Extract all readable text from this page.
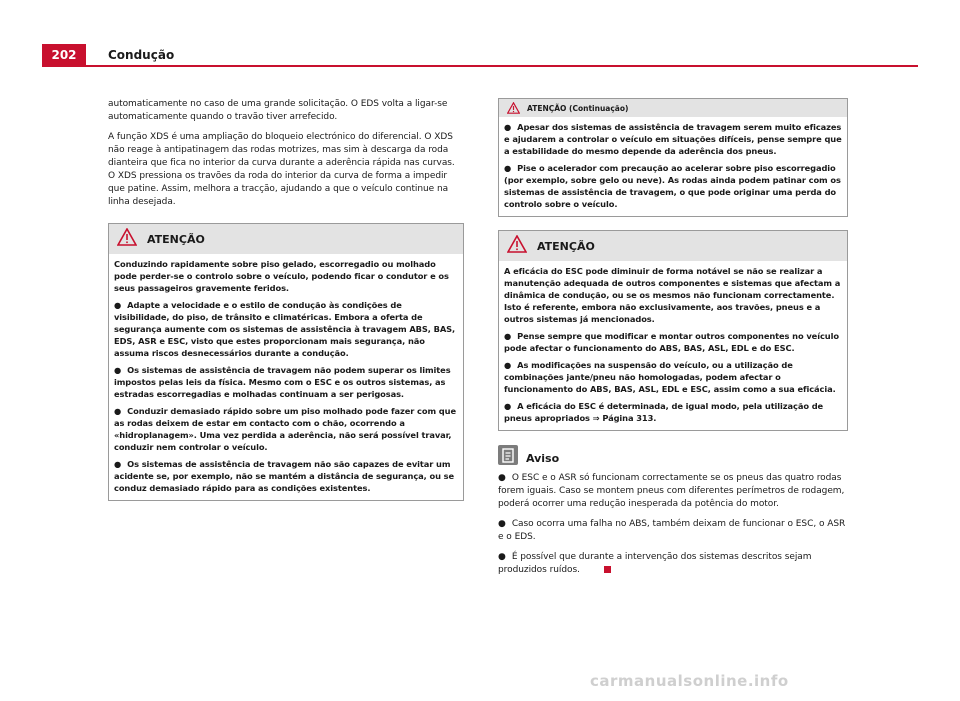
202	Condução

automaticamente no caso de uma grande solicitação. O EDS volta a ligar-se automaticamente quando o travão tiver arrefecido.

A função XDS é uma ampliação do bloqueio electrónico do diferencial. O XDS não reage à antipatinagem das rodas motrizes, mas sim à descarga da roda dianteira que fica no interior da curva durante a aderência rápida nas curvas. O XDS pressiona os travões da roda do interior da curva de forma a impedir que patine. Assim, melhora a tracção, ajudando a que o veículo continue na linha desejada.

ATENÇÃO

Conduzindo rapidamente sobre piso gelado, escorregadio ou molhado pode perder-se o controlo sobre o veículo, podendo ficar o condutor e os seus passageiros gravemente feridos.

● Adapte a velocidade e o estilo de condução às condições de visibilidade, do piso, de trânsito e climatéricas. Embora a oferta de segurança aumente com os sistemas de assistência à travagem ABS, BAS, EDS, ASR e ESC, visto que estes proporcionam mais segurança, não assuma riscos desnecessários durante a condução.

● Os sistemas de assistência de travagem não podem superar os limites impostos pelas leis da física. Mesmo com o ESC e os outros sistemas, as estradas escorregadias e molhadas continuam a ser perigosas.

● Conduzir demasiado rápido sobre um piso molhado pode fazer com que as rodas deixem de estar em contacto com o chão, ocorrendo a «hidroplanagem». Uma vez perdida a aderência, não será possível travar, conduzir nem controlar o veículo.

● Os sistemas de assistência de travagem não são capazes de evitar um acidente se, por exemplo, não se mantém a distância de segurança, ou se conduz demasiado rápido para as condições existentes.

ATENÇÃO (Continuação)

● Apesar dos sistemas de assistência de travagem serem muito eficazes e ajudarem a controlar o veículo em situações difíceis, pense sempre que a estabilidade do mesmo depende da aderência dos pneus.

● Pise o acelerador com precaução ao acelerar sobre piso escorregadio (por exemplo, sobre gelo ou neve). As rodas ainda podem patinar com os sistemas de assistência de travagem, o que pode originar uma perda do controlo sobre o veículo.

ATENÇÃO

A eficácia do ESC pode diminuir de forma notável se não se realizar a manutenção adequada de outros componentes e sistemas que afectam a dinâmica de condução, ou se os mesmos não funcionam correctamente. Isto é referente, embora não exclusivamente, aos travões, pneus e a outros sistemas já mencionados.

● Pense sempre que modificar e montar outros componentes no veículo pode afectar o funcionamento do ABS, BAS, ASL, EDL e do ESC.

● As modificações na suspensão do veículo, ou a utilização de combinações jante/pneu não homologadas, podem afectar o funcionamento do ABS, BAS, ASL, EDL e ESC, assim como a sua eficácia.

● A eficácia do ESC é determinada, de igual modo, pela utilização de pneus apropriados ⇒ Página 313.

Aviso

● O ESC e o ASR só funcionam correctamente se os pneus das quatro rodas forem iguais. Caso se montem pneus com diferentes perímetros de rodagem, poderá ocorrer uma redução inesperada da potência do motor.

● Caso ocorra uma falha no ABS, também deixam de funcionar o ESC, o ASR e o EDS.

● É possível que durante a intervenção dos sistemas descritos sejam produzidos ruídos.

carmanualsonline.info
